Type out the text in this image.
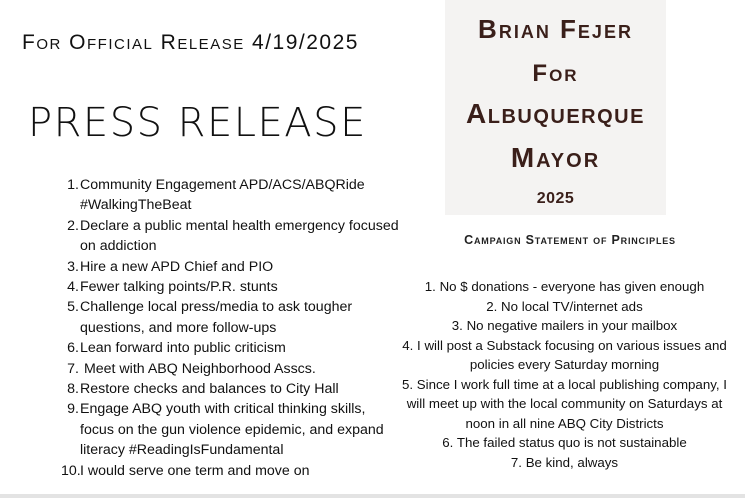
For Official Release 4/19/2025
PRESS RELEASE
1. Community Engagement APD/ACS/ABQRide #WalkingTheBeat
2. Declare a public mental health emergency focused on addiction
3. Hire a new APD Chief and PIO
4. Fewer talking points/P.R. stunts
5. Challenge local press/media to ask tougher questions, and more follow-ups
6. Lean forward into public criticism
7. Meet with ABQ Neighborhood Asscs.
8. Restore checks and balances to City Hall
9. Engage ABQ youth with critical thinking skills, focus on the gun violence epidemic, and expand literacy #ReadingIsFundamental
10. I would serve one term and move on
Brian Fejer
For
Albuquerque
Mayor
2025
Campaign Statement of Principles
1. No $ donations - everyone has given enough
2. No local TV/internet ads
3. No negative mailers in your mailbox
4. I will post a Substack focusing on various issues and policies every Saturday morning
5. Since I work full time at a local publishing company, I will meet up with the local community on Saturdays at noon in all nine ABQ City Districts
6. The failed status quo is not sustainable
7. Be kind, always
